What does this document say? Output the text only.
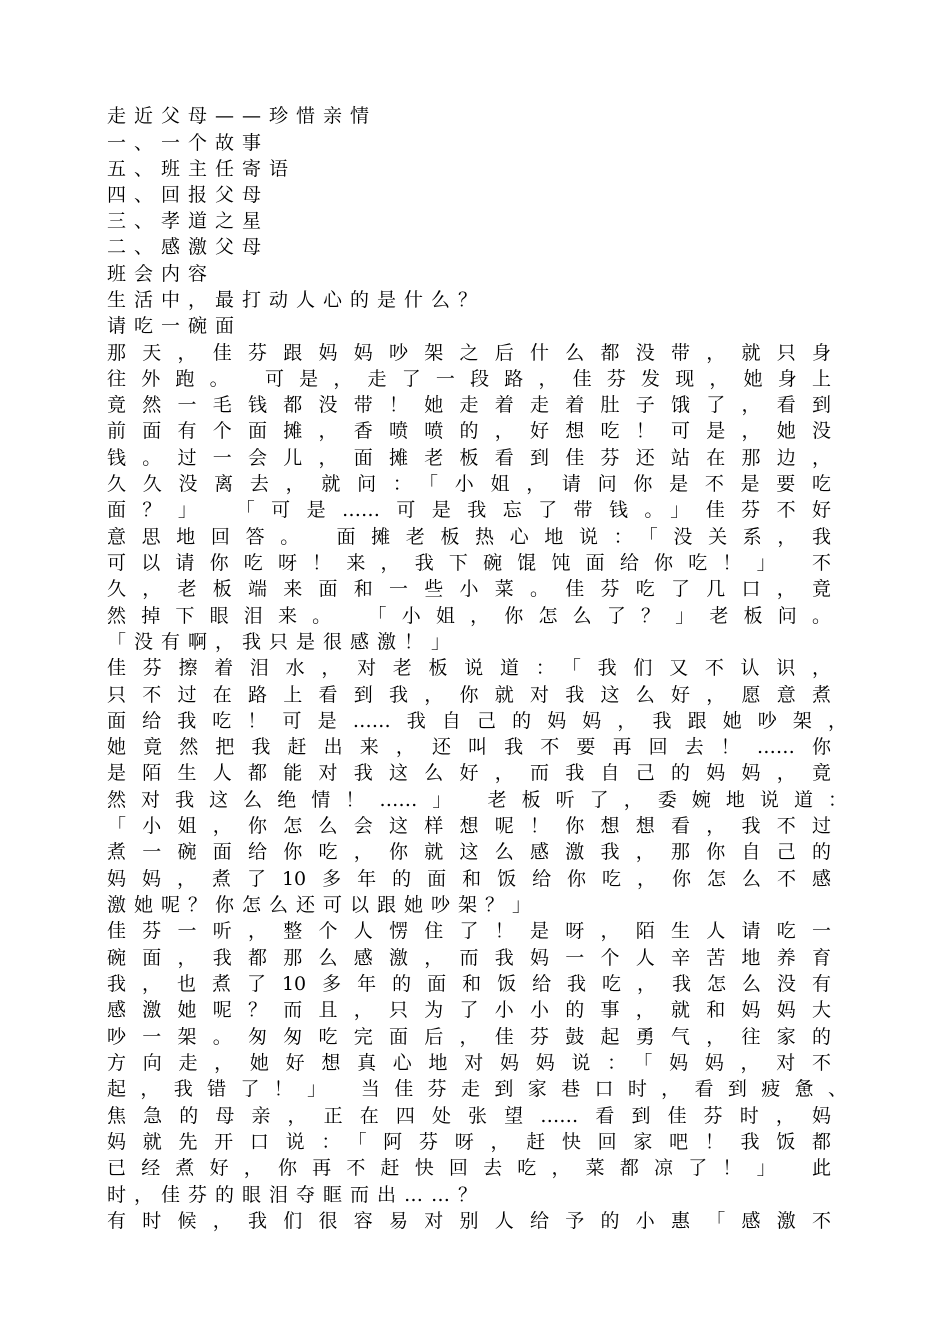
走近父母——珍惜亲情
一、一个故事
五、班主任寄语
四、回报父母
三、孝道之星
二、感激父母
班会内容
生活中，最打动人心的是什么？
请吃一碗面
那天，佳芬跟妈妈吵架之后什么都没带，就只身
往外跑。 可是，走了一段路，佳芬发现，她身上
竟然一毛钱都没带！她走着走着肚子饿了，看到
前面有个面摊，香喷喷的，好想吃！可是，她没
钱。过一会儿，面摊老板看到佳芬还站在那边，
久久没离去，就问：「小姐，请问你是不是要吃
面？」 「可是……可是我忘了带钱。」佳芬不好
意思地回答。 面摊老板热心地说：「没关系，我
可以请你吃呀！来，我下碗馄饨面给你吃！」 不
久，老板端来面和一些小菜。佳芬吃了几口，竟
然掉下眼泪来。 「小姐，你怎么了？」老板问。
「没有啊，我只是很感激！」
佳芬擦着泪水，对老板说道：「我们又不认识，
只不过在路上看到我，你就对我这么好，愿意煮
面给我吃！可是……我自己的妈妈，我跟她吵架，
她竟然把我赶出来，还叫我不要再回去！……你
是陌生人都能对我这么好，而我自己的妈妈，竟
然对我这么绝情！……」 老板听了，委婉地说道：
「小姐，你怎么会这样想呢！你想想看，我不过
煮一碗面给你吃，你就这么感激我，那你自己的
妈妈，煮了10多年的面和饭给你吃，你怎么不感
激她呢？你怎么还可以跟她吵架？」
佳芬一听，整个人愣住了！是呀，陌生人请吃一
碗面，我都那么感激，而我妈一个人辛苦地养育
我，也煮了10多年的面和饭给我吃，我怎么没有
感激她呢？而且，只为了小小的事，就和妈妈大
吵一架。匆匆吃完面后，佳芬鼓起勇气，往家的
方向走，她好想真心地对妈妈说：「妈妈，对不
起，我错了！」 当佳芬走到家巷口时，看到疲惫、
焦急的母亲，正在四处张望……看到佳芬时，妈
妈就先开口说：「阿芬呀，赶快回家吧！我饭都
已经煮好，你再不赶快回去吃，菜都凉了！」 此
时，佳芬的眼泪夺眶而出……？
有时候，我们很容易对别人给予的小惠「感激不
